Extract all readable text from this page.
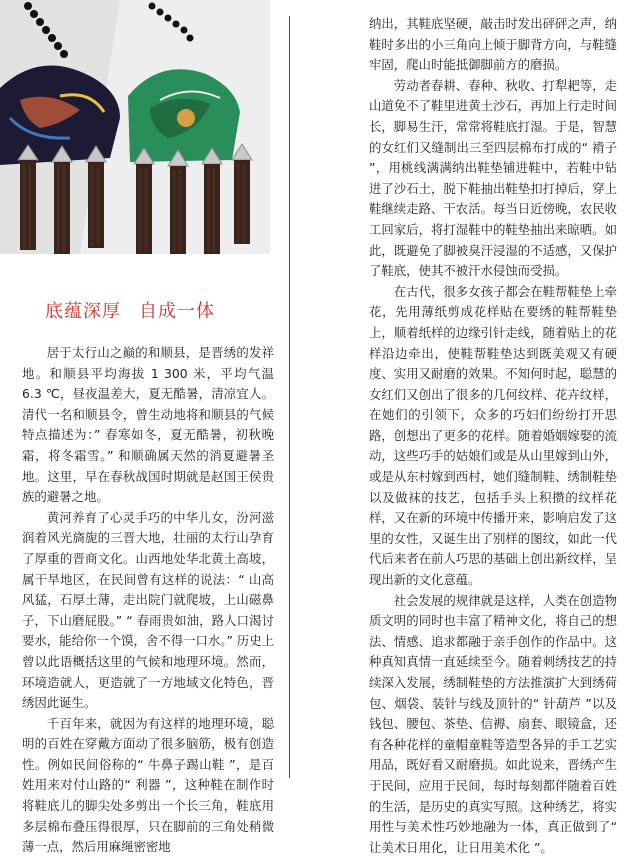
底蕴深厚 自成一体

居于太行山之巅的和顺县，是晋绣的发祥地。和顺县平均海拔 1 300 米，平均气温 6.3 ℃，昼夜温差大，夏无酷暑，清凉宜人。清代一名和顺县令，曾生动地将和顺县的气候特点描述为：” 春寒如冬，夏无酷暑，初秋晚霜，将冬霜雪。” 和顺确属天然的消夏避暑圣地。这里，早在春秋战国时期就是赵国王侯贵族的避暑之地。

黄河养育了心灵手巧的中华儿女，汾河滋润着风光旖旎的三晋大地，壮丽的太行山孕育了厚重的晋商文化。山西地处华北黄土高坡，属干旱地区，在民间曾有这样的说法：“ 山高风猛，石厚土薄，走出院门就爬坡，上山磁鼻子，下山磨屁股。” “ 春雨贵如油，路人口渴讨要水，能给你一个馍，舍不得一口水。” 历史上曾以此语概括这里的气候和地理环境。然而，环境造就人，更造就了一方地域文化特色，晋绣因此诞生。

千百年来，就因为有这样的地理环境，聪明的百姓在穿戴方面动了很多脑筋，极有创造性。例如民间俗称的“ 牛鼻子踢山鞋 ”，是百姓用来对付山路的“ 利器 ”，这种鞋在制作时将鞋底儿的脚尖处多剪出一个长三角，鞋底用多层棉布叠压得很厚，只在脚前的三角处稍微薄一点，然后用麻绳密密地

纳出，其鞋底坚硬，敲击时发出砰砰之声，纳鞋时多出的小三角向上倾于脚背方向，与鞋缝牢固，爬山时能抵御脚前方的磨损。

劳动者春耕、春种、秋收、打犁耙等，走山道免不了鞋里进黄土沙石，再加上行走时间长，脚易生汗，常常将鞋底打湿。于是，智慧的女红们又缝制出三至四层棉布打成的“ 褙子 ”，用桃线满满纳出鞋垫铺进鞋中，若鞋中钻进了沙石土，脱下鞋抽出鞋垫扣打掉后，穿上鞋继续走路、干农活。每当日近傍晚，农民收工回家后，将打湿鞋中的鞋垫抽出来晾晒。如此，既避免了脚被臭汗浸湿的不适感，又保护了鞋底，使其不被汗水侵蚀而受损。

在古代，很多女孩子都会在鞋帮鞋垫上牵花，先用薄纸剪成花样贴在要绣的鞋帮鞋垫上，顺着纸样的边缘引针走线，随着贴上的花样沿边牵出，使鞋帮鞋垫达到既美观又有硬度、实用又耐磨的效果。不知何时起，聪慧的女红们又创出了很多的几何纹样、花卉纹样，在她们的引领下，众多的巧妇们纷纷打开思路，创想出了更多的花样。随着婚姻嫁娶的流动，这些巧手的姑娘们或是从山里嫁到山外，或是从东村嫁到西村，她们缝制鞋、绣制鞋垫以及做袜的技艺，包括手头上积攒的纹样花样，又在新的环境中传播开来，影响启发了这里的女性，又诞生出了别样的图纹，如此一代代后来者在前人巧思的基础上创出新纹样，呈现出新的文化意蕴。

社会发展的规律就是这样，人类在创造物质文明的同时也丰富了精神文化，将自己的想法、情感、追求都融于亲手创作的作品中。这种真知真情一直延续至今。随着刺绣技艺的持续深入发展，绣制鞋垫的方法推演扩大到绣荷包、烟袋、装针与线及顶针的“ 针葫芦 ”以及钱包、腰包、茶垫、信褥、扇套、眼镜盒，还有各种花样的童帽童鞋等造型各异的手工艺实用品，既好看又耐磨损。如此说来，晋绣产生于民间，应用于民间，每时每刻都伴随着百姓的生活，是历史的真实写照。这种绣艺，将实用性与美术性巧妙地融为一体，真正做到了“ 让美术日用化，让日用美术化 ”。
